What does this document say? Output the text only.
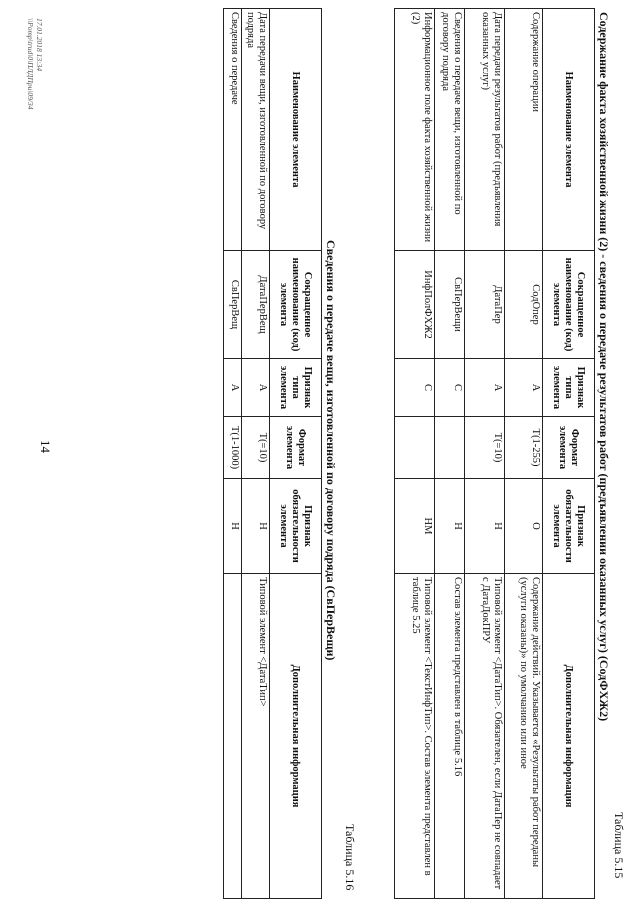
14
Таблица 5.15
Содержание факта хозяйственной жизни (2) - сведения о передаче результатов работ (предъявлении оказанных услуг) (СодФХЖ2)
Наименование элемента	Сокращенное наименование (код) элемента	Признак типа элемента	Формат элемента	Признак обязательности элемента	Дополнительная информация
Содержание операции	СодОпер	А	T(1-255)	О	Содержание действий. Указывается «Результаты работ переданы (услуги оказаны)» по умолчанию или иное
Дата передачи результатов работ (предъявления оказанных услуг)	ДатаПер	А	T(=10)	Н	Типовой элемент <ДатаТип>. Обязателен, если ДатаПер не совпадает с ДатаДокПРУ
Сведения о передаче вещи, изготовленной по договору подряда	СвПерВещи	С		Н	Состав элемента представлен в таблице 5.16
Информационное поле факта хозяйственной жизни (2)	ИнфПолФХЖ2	С		НМ	Типовой элемент <ТекстИнфТип>. Состав элемента представлен в таблице 5.25
Таблица 5.16
Сведения о передаче вещи, изготовленной по договору подряда (СвПерВещи)
Наименование элемента	Сокращенное наименование (код) элемента	Признак типа элемента	Формат элемента	Признак обязательности элемента	Дополнительная информация
Дата передачи вещи, изготовленной по договору подряда	ДатаПерВещ	А	T(=10)	Н	Типовой элемент <ДатаТип>
Сведения о передаче	СвПерВещ	А	T(1-1000)	Н	
17.01.2018 13:34
\\Pomp\trud\0\ПЛДПри\09/34
